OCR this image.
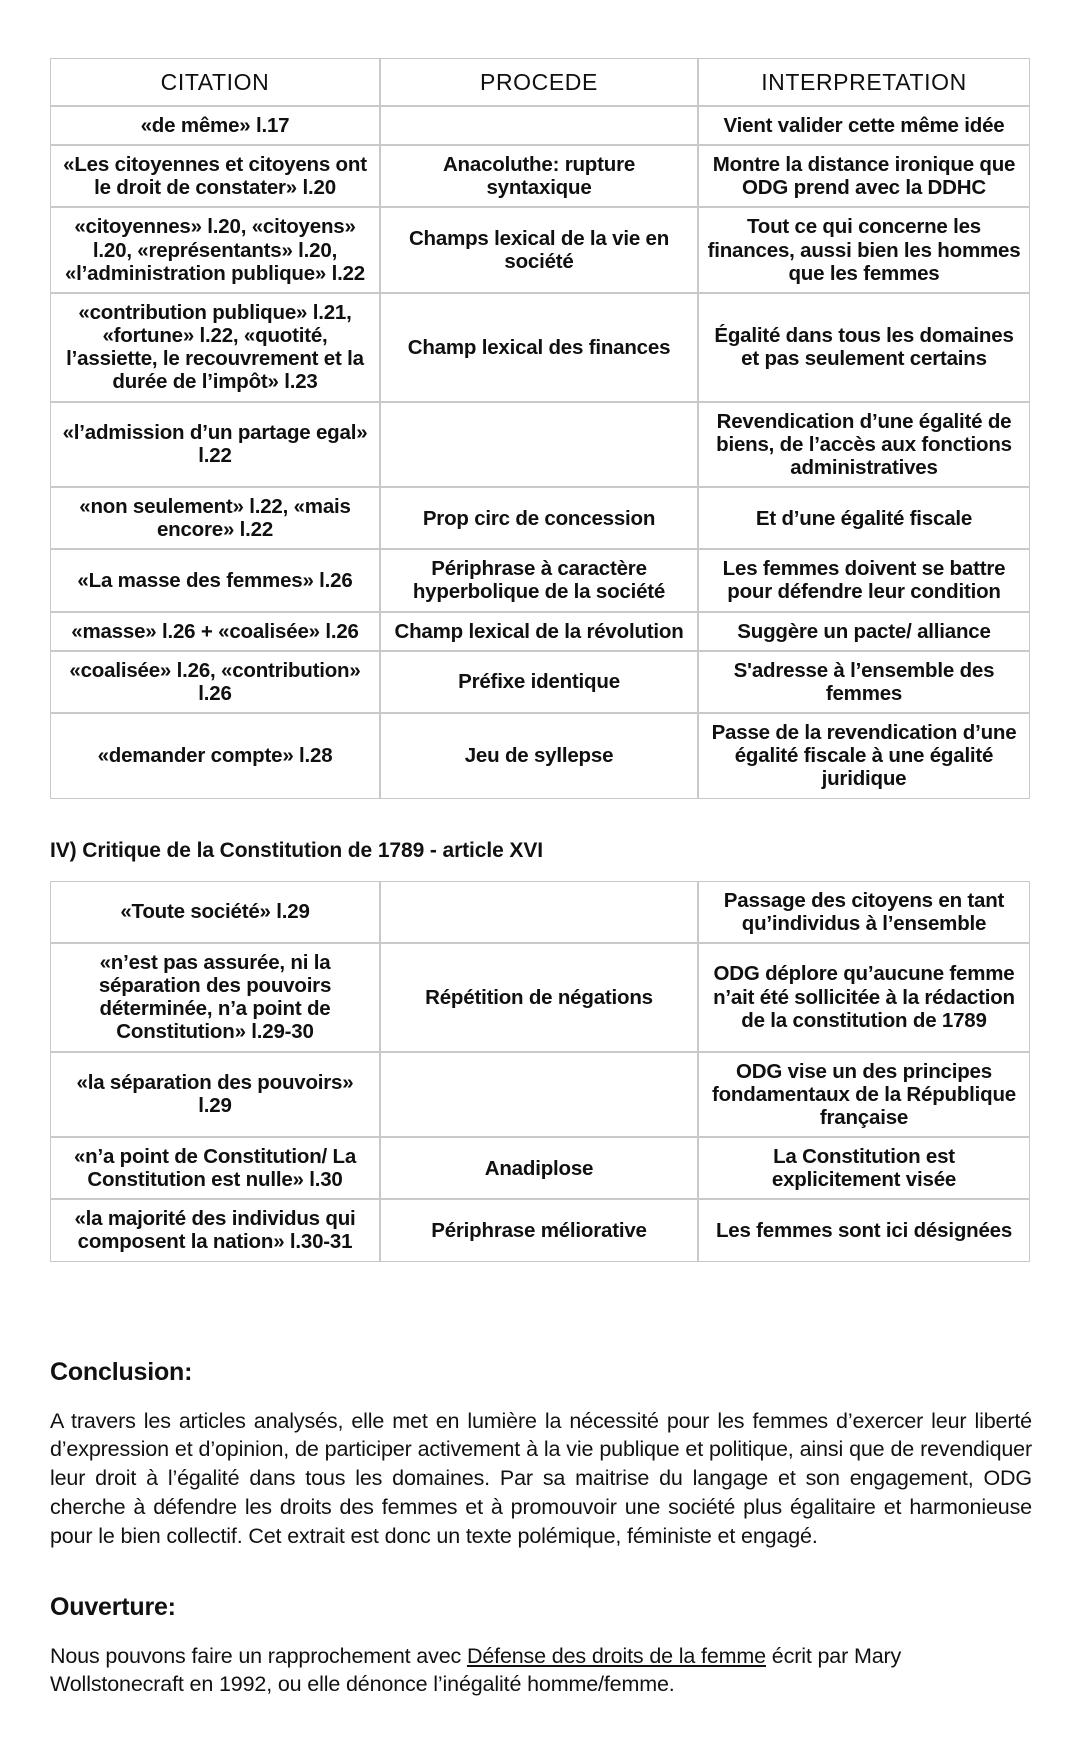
CITATION	PROCEDE	INTERPRETATION
«de même» l.17		Vient valider cette même idée
«Les citoyennes et citoyens ont le droit de constater» l.20	Anacoluthe: rupture syntaxique	Montre la distance ironique que ODG prend avec la DDHC
«citoyennes» l.20, «citoyens» l.20, «représentants» l.20, «l’administration publique» l.22	Champs lexical de la vie en société	Tout ce qui concerne les finances, aussi bien les hommes que les femmes
«contribution publique» l.21, «fortune» l.22, «quotité, l’assiette, le recouvrement et la durée de l’impôt» l.23	Champ lexical des finances	Égalité dans tous les domaines et pas seulement certains
«l’admission d’un partage egal» l.22		Revendication d’une égalité de biens, de l’accès aux fonctions administratives
«non seulement» l.22, «mais encore» l.22	Prop circ de concession	Et d’une égalité fiscale
«La masse des femmes» l.26	Périphrase à caractère hyperbolique de la société	Les femmes doivent se battre pour défendre leur condition
«masse» l.26 + «coalisée» l.26	Champ lexical de la révolution	Suggère un pacte/ alliance
«coalisée» l.26, «contribution» l.26	Préfixe identique	S'adresse à l’ensemble des femmes
«demander compte» l.28	Jeu de syllepse	Passe de la revendication d’une égalité fiscale à une égalité juridique
IV) Critique de la Constitution de 1789 - article XVI
«Toute société» l.29		Passage des citoyens en tant qu’individus à l’ensemble
«n’est pas assurée, ni la séparation des pouvoirs déterminée, n’a point de Constitution» l.29-30	Répétition de négations	ODG déplore qu’aucune femme n’ait été sollicitée à la rédaction de la constitution de 1789
«la séparation des pouvoirs» l.29		ODG vise un des principes fondamentaux de la République française
«n’a point de Constitution/ La Constitution est nulle» l.30	Anadiplose	La Constitution est explicitement visée
«la majorité des individus qui composent la nation» l.30-31	Périphrase méliorative	Les femmes sont ici désignées
Conclusion:

A travers les articles analysés, elle met en lumière la nécessité pour les femmes d’exercer leur liberté d’expression et d’opinion, de participer activement à la vie publique et politique, ainsi que de revendiquer leur droit à l’égalité dans tous les domaines. Par sa maitrise du langage et son engagement, ODG cherche à défendre les droits des femmes et à promouvoir une société plus égalitaire et harmonieuse pour le bien collectif. Cet extrait est donc un texte polémique, féministe et engagé.

Ouverture:

Nous pouvons faire un rapprochement avec Défense des droits de la femme écrit par Mary Wollstonecraft en 1992, ou elle dénonce l’inégalité homme/femme.
